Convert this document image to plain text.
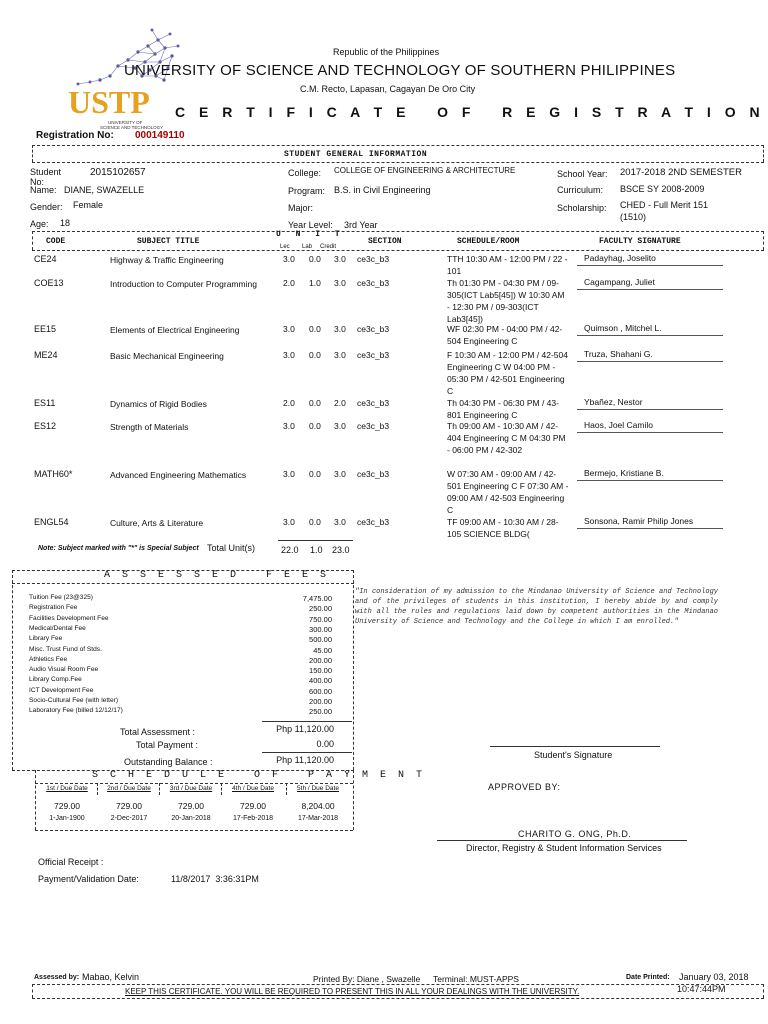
USTP
UNIVERSITY OF
SCIENCE AND TECHNOLOGY
Republic of the Philippines
UNIVERSITY OF SCIENCE AND TECHNOLOGY OF SOUTHERN PHILIPPINES
C.M. Recto, Lapasan, Cagayan De Oro City
C E R T I F I C A T E   O F   R E G I S T R A T I O N
Registration No: 000149110
STUDENT GENERAL INFORMATION
Student No:
2015102657
Name: DIANE, SWAZELLE
Gender: Female
Age: 18
College: COLLEGE OF ENGINEERING & ARCHITECTURE
Program: B.S. in Civil Engineering
Major:
Year Level: 3rd Year
School Year: 2017-2018 2ND SEMESTER
Curriculum: BSCE SY 2008-2009
Scholarship: CHED - Full Merit 151 (1510)
CODE	SUBJECT TITLE
U N I T
Lec Lab Credit
SECTION	SCHEDULE/ROOM	FACULTY SIGNATURE
CE24	Highway & Traffic Engineering	3.0 0.0 3.0 ce3c_b3	TTH 10:30 AM - 12:00 PM / 22 - 101
Padayhag, Joselito
COE13	Introduction to Computer Programming	2.0 1.0 3.0 ce3c_b3	Th 01:30 PM - 04:30 PM / 09-305(ICT Lab5[45]) W 10:30 AM - 12:30 PM / 09-303(ICT Lab3[45])
Cagampang, Juliet
EE15	Elements of Electrical Engineering	3.0 0.0 3.0 ce3c_b3	WF 02:30 PM - 04:00 PM / 42-504 Engineering C
Quimson , Mitchel L.
ME24	Basic Mechanical Engineering	3.0 0.0 3.0 ce3c_b3	F 10:30 AM - 12:00 PM / 42-504 Engineering C W 04:00 PM - 05:30 PM / 42-501 Engineering C
Truza, Shahani G.
ES11	Dynamics of Rigid Bodies	2.0 0.0 2.0 ce3c_b3	Th 04:30 PM - 06:30 PM / 43-801 Engineering C
Ybañez, Nestor
ES12	Strength of Materials	3.0 0.0 3.0 ce3c_b3	Th 09:00 AM - 10:30 AM / 42-404 Engineering C M 04:30 PM - 06:00 PM / 42-302
Haos, Joel Camilo
MATH60*	Advanced Engineering Mathematics	3.0 0.0 3.0 ce3c_b3	W 07:30 AM - 09:00 AM / 42-501 Engineering C F 07:30 AM - 09:00 AM / 42-503 Engineering C
Bermejo, Kristiane B.
ENGL54	Culture, Arts & Literature	3.0 0.0 3.0 ce3c_b3	TF 09:00 AM - 10:30 AM / 28-105 SCIENCE BLDG(
Sonsona, Ramir Philip Jones
Note: Subject marked with "*" is Special Subject Total Unit(s)	22.0 1.0 23.0
A S S E S S E D   F E E S
Tuition Fee (23@325)	7,475.00
Registration Fee	250.00
Facilities Development Fee	750.00
Medical/Dental Fee	300.00
Library Fee	500.00
Misc. Trust Fund of Stds.	45.00
Athletics Fee	200.00
Audio Visual Room Fee	150.00
Library Comp.Fee	400.00
ICT Development Fee	600.00
Socio-Cultural Fee (with letter)	200.00
Laboratory Fee (billed 12/12/17)	250.00
Total Assessment :	Php 11,120.00
Total Payment :	0.00
Outstanding Balance :	Php 11,120.00
S C H E D U L E   O F   P A Y M E N T
1st / Due Date
729.00
1-Jan-1900
2nd / Due Date
729.00
2-Dec-2017
3rd / Due Date
729.00
20-Jan-2018
4th / Due Date
729.00
17-Feb-2018
5th / Due Date
8,204.00
17-Mar-2018
"In consideration of my admission to the Mindanao University of Science and Technology and of the privileges of students in this institution, I hereby abide by and comply with all the rules and regulations laid down by competent authorities in the Mindanao University of Science and Technology and the College in which I am enrolled."
Student's Signature
APPROVED BY:
CHARITO G. ONG, Ph.D.
Director, Registry & Student Information Services
Official Receipt :
Payment/Validation Date:	11/8/2017  3:36:31PM
Assessed by: Mabao, Kelvin	Printed By: Diane , Swazelle Terminal: MUST-APPS	Date Printed: January 03, 2018
10:47:44PM
KEEP THIS CERTIFICATE. YOU WILL BE REQUIRED TO PRESENT THIS IN ALL YOUR DEALINGS WITH THE UNIVERSITY.
